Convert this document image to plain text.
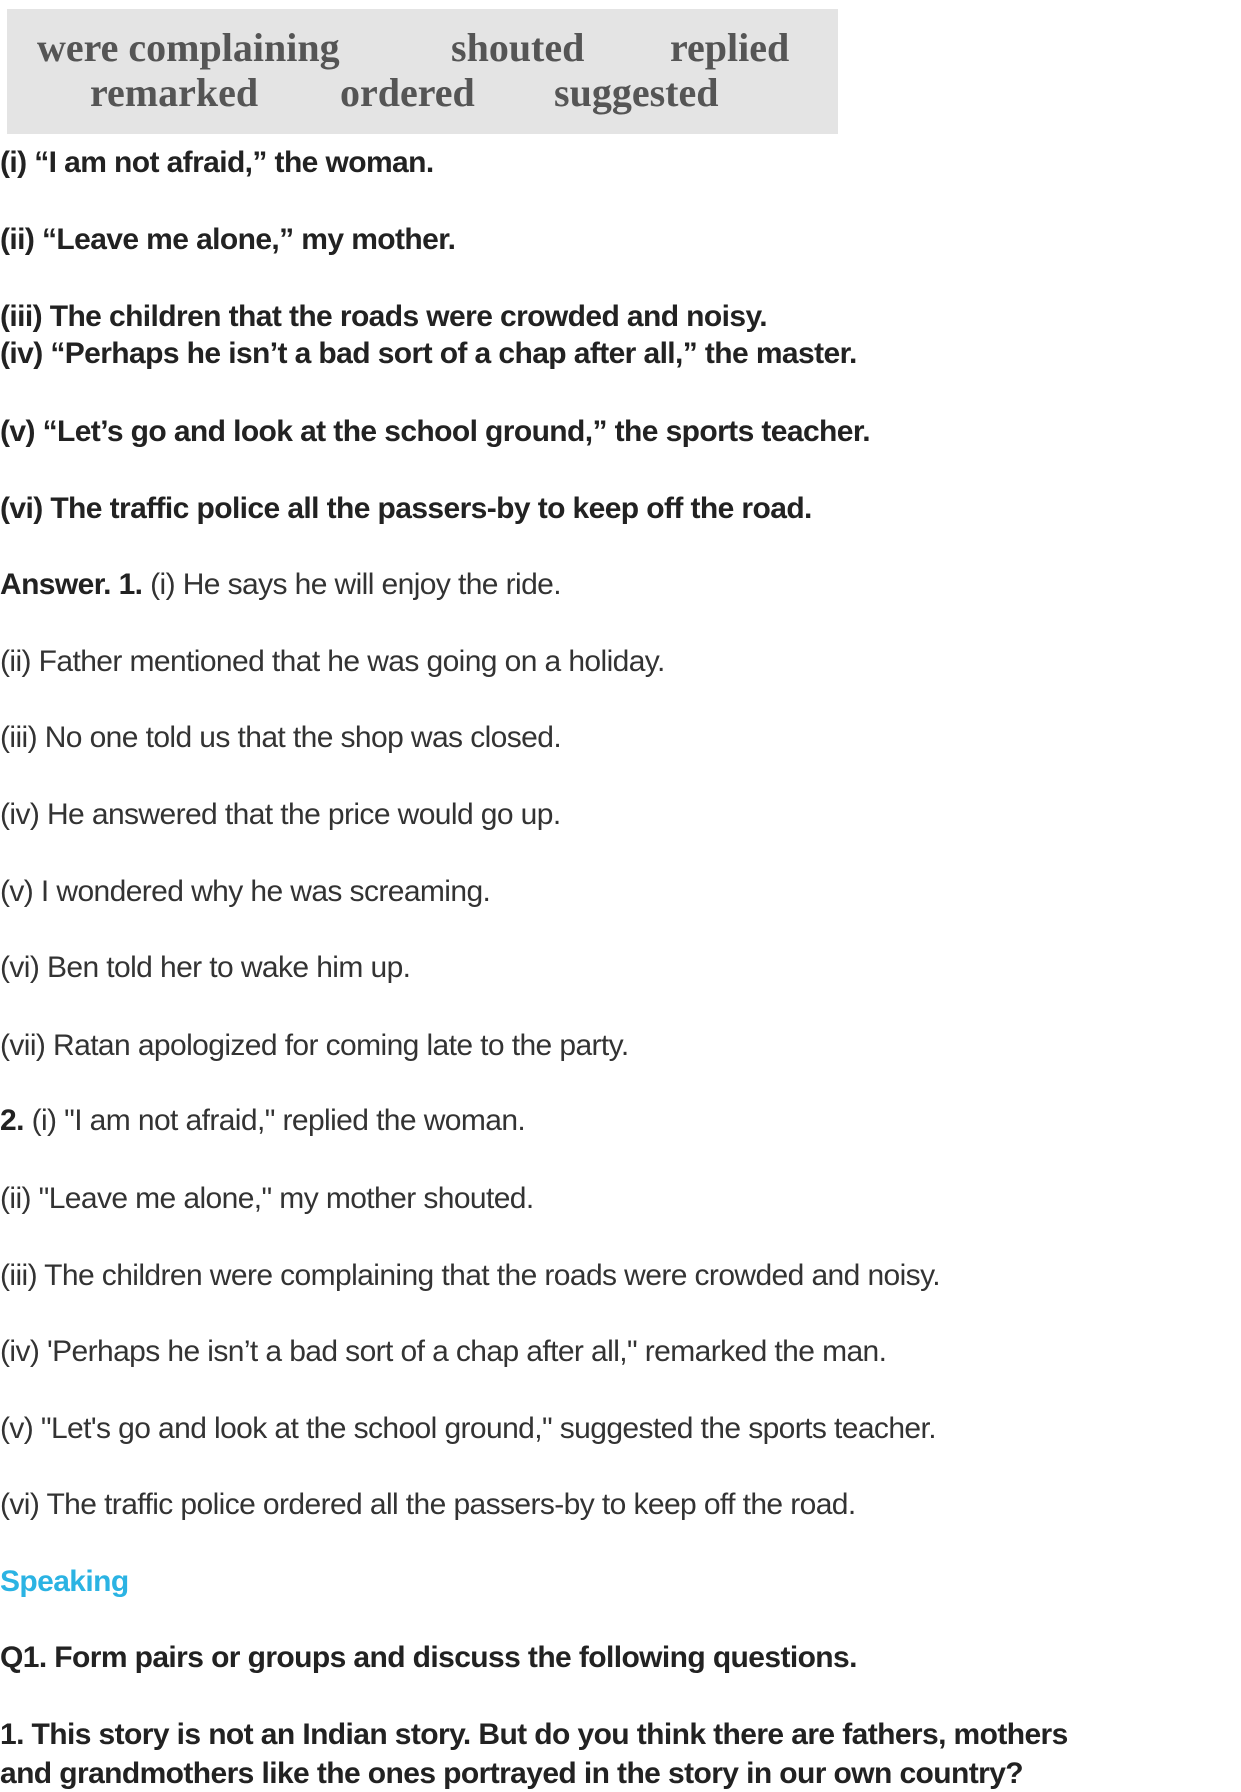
were complaining	shouted replied
remarked ordered suggested
(i) “I am not afraid,” the woman.
(ii) “Leave me alone,” my mother.
(iii) The children that the roads were crowded and noisy.
(iv) “Perhaps he isn’t a bad sort of a chap after all,” the master.
(v) “Let’s go and look at the school ground,” the sports teacher.
(vi) The traffic police all the passers-by to keep off the road.
Answer. 1. (i) He says he will enjoy the ride.
(ii) Father mentioned that he was going on a holiday.
(iii) No one told us that the shop was closed.
(iv) He answered that the price would go up.
(v) I wondered why he was screaming.
(vi) Ben told her to wake him up.
(vii) Ratan apologized for coming late to the party.
2. (i) "I am not afraid," replied the woman.
(ii) "Leave me alone," my mother shouted.
(iii) The children were complaining that the roads were crowded and noisy.
(iv) 'Perhaps he isn’t a bad sort of a chap after all," remarked the man.
(v) "Let's go and look at the school ground," suggested the sports teacher.
(vi) The traffic police ordered all the passers-by to keep off the road.
Speaking
Q1. Form pairs or groups and discuss the following questions.
1. This story is not an Indian story. But do you think there are fathers, mothers
and grandmothers like the ones portrayed in the story in our own country?
